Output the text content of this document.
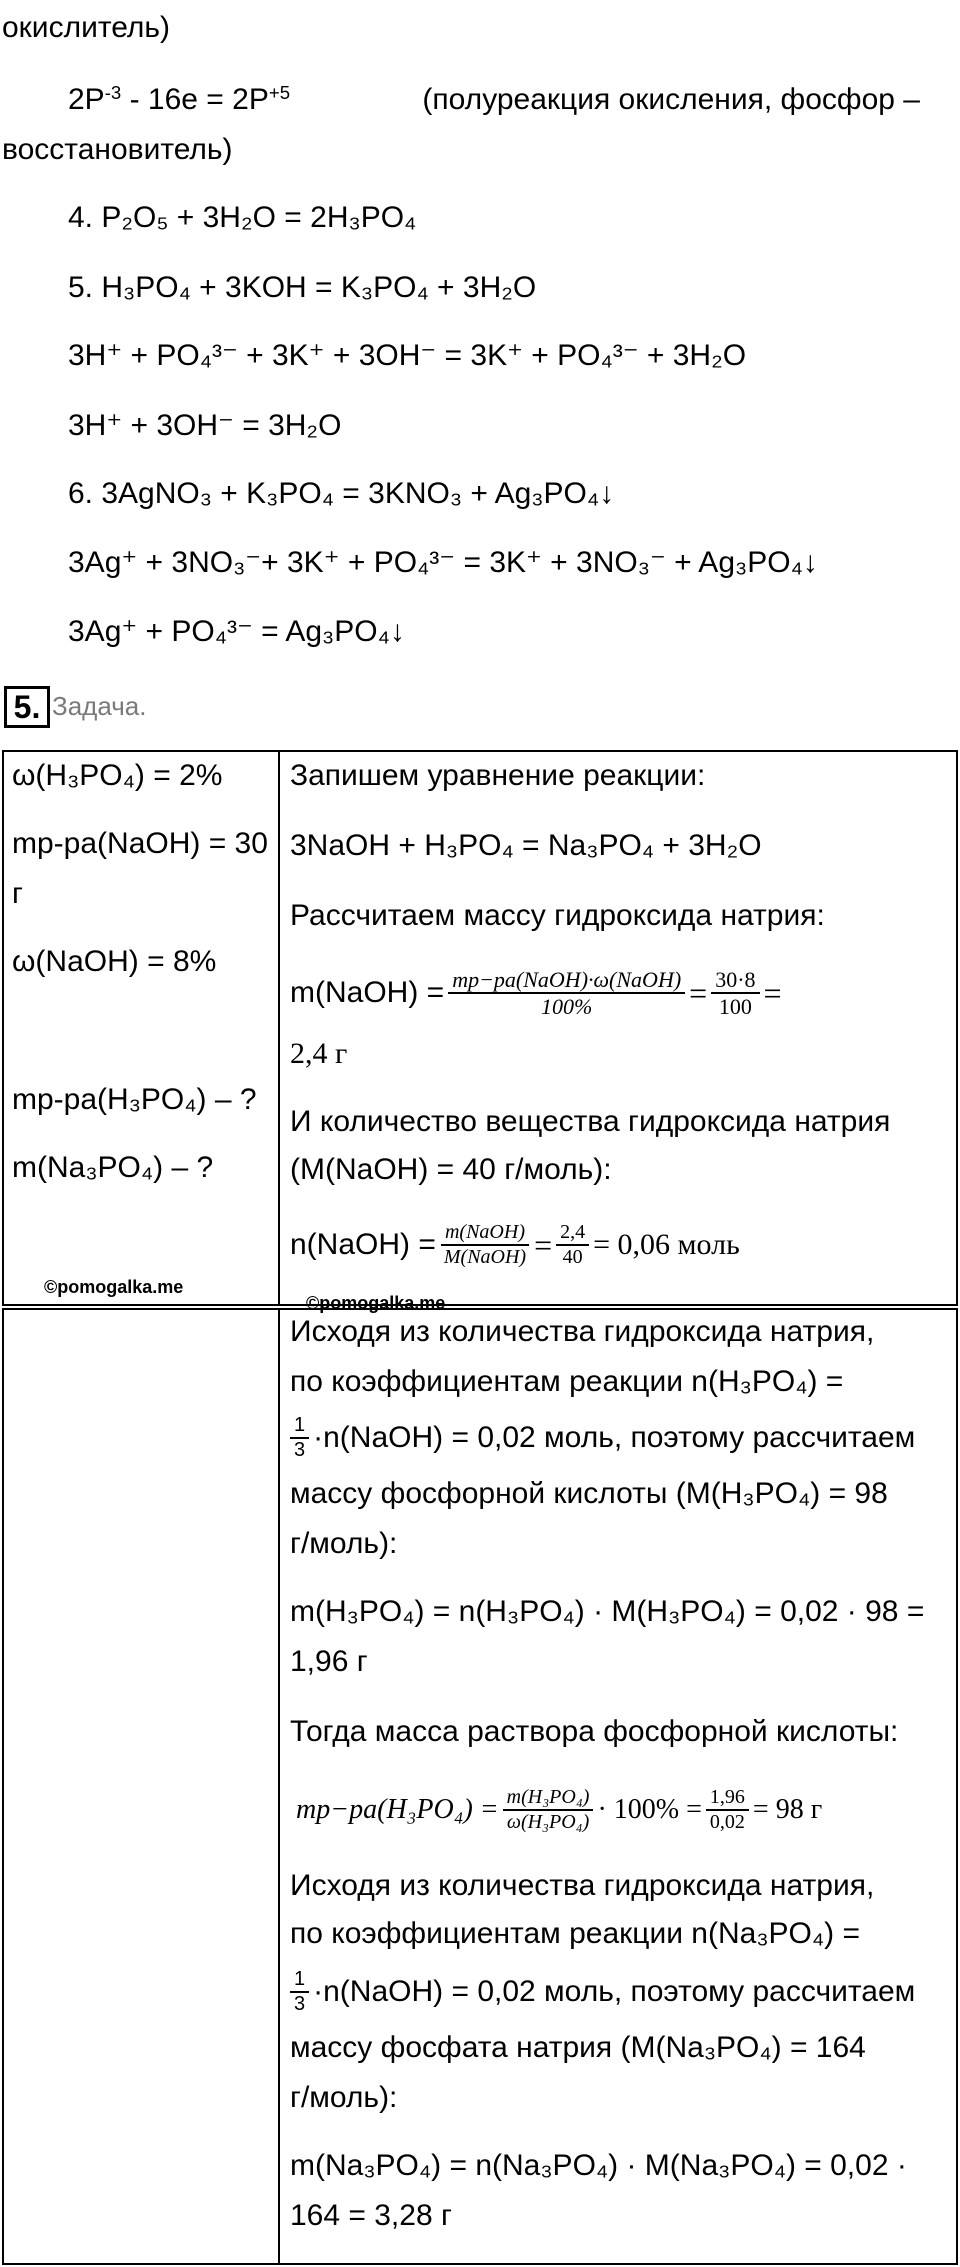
окислитель)
$2P^{-3} - 16e = 2P^{+5}$	(полуреакция окисления, фосфор –
восстановитель)
4. P₂O₅ + 3H₂O = 2H₃PO₄
5. H₃PO₄ + 3KOH = K₃PO₄ + 3H₂O
3H⁺ + PO₄³⁻ + 3K⁺ + 3OH⁻ = 3K⁺ + PO₄³⁻ + 3H₂O
3H⁺ + 3OH⁻ = 3H₂O
6. 3AgNO₃ + K₃PO₄ = 3KNO₃ + Ag₃PO₄↓
3Ag⁺ + 3NO₃⁻+ 3K⁺ + PO₄³⁻ = 3K⁺ + 3NO₃⁻ + Ag₃PO₄↓
3Ag⁺ + PO₄³⁻ = Ag₃PO₄↓
5. Задача.
ω(H₃PO₄) = 2%
mр-ра(NaOH) = 30
г
ω(NaOH) = 8%
mр-ра(H₃PO₄) – ?
m(Na₃PO₄) – ?
©pomogalka.me
Запишем уравнение реакции:
3NaOH + H₃PO₄ = Na₃PO₄ + 3H₂O
Рассчитаем массу гидроксида натрия:
m(NaOH) = $\frac{\text{mр−ра(NaOH)·ω(NaOH)}}{100\%} = \frac{30\cdot 8}{100}$ =
2,4 г
И количество вещества гидроксида натрия
(M(NaOH) = 40 г/моль):
n(NaOH) = $\frac{\text{m(NaOH)}}{\text{M(NaOH)}} = \frac{2,4}{40} = 0,06$ моль
©pomogalka.me
Исходя из количества гидроксида натрия,
по коэффициентам реакции n(H₃PO₄) =
$\frac{1}{3}$ ·n(NaOH) = 0,02 моль, поэтому рассчитаем
массу фосфорной кислоты (M(H₃PO₄) = 98
г/моль):
m(H₃PO₄) = n(H₃PO₄) · M(H₃PO₄) = 0,02 · 98 =
1,96 г
Тогда масса раствора фосфорной кислоты:
$mр-ра(H_3PO_4) = \frac{\text{m(H₃PO₄)}}{\text{ω(H₃PO₄)}} \cdot 100\% = \frac{1,96}{0,02} = 98$ г
Исходя из количества гидроксида натрия,
по коэффициентам реакции n(Na₃PO₄) =
$\frac{1}{3}$ ·n(NaOH) = 0,02 моль, поэтому рассчитаем
массу фосфата натрия (M(Na₃PO₄) = 164
г/моль):
m(Na₃PO₄) = n(Na₃PO₄) · M(Na₃PO₄) = 0,02 ·
164 = 3,28 г
